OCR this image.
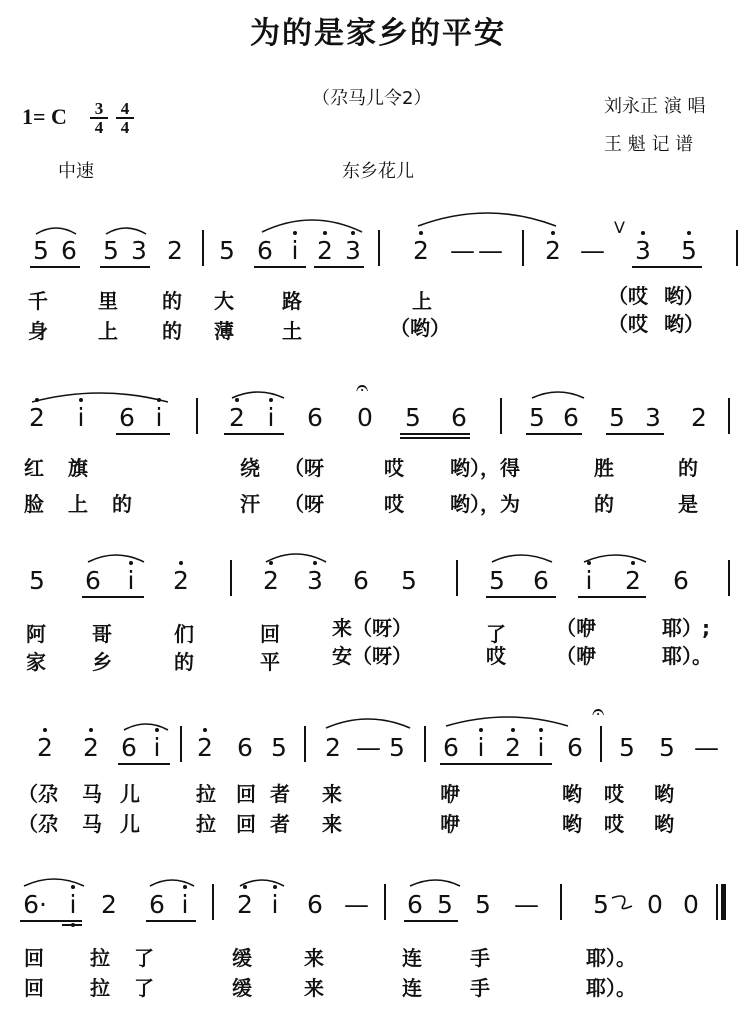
为的是家乡的平安
（尕马儿令2）	刘永正 演 唱
王 魁 记 谱
1= C $\frac{3}{4} \frac{4}{4}$
中速	东乡花儿
5 6 5 3 2 5 6 i 2 3 2 — — 2 — 3 5
V
千	里 的 大 路	上	（哎 哟）
身	上 的 薄 土	（哟）	（哎 哟）
2 i 6 i	2 i 6 0
𝄐
5 6 5 6 5 3 2
红 旗	绕 （呀	哎 哟），得	胜	的
脸 上 的	汗 （呀	哎 哟），为	的	是
5 6 i 2	2 3 6 5	5 6 i 2 6
阿 哥	们	回	来（呀）	了	（咿	耶）;
家 乡	的	平	安（呀）	哎	（咿	耶）。
2 2 6 i 2 6 5 2 — 5 6 i 2 i 6
𝄐
5 5 —
（尕 马 儿	拉 回 者 来	咿	哟 哎 哟
（尕 马 儿	拉 回 者 来	咿	哟 哎 哟
6· i 2 6 i 2 i 6 — 6 5 5 — 5 0 0
回 拉 了	缓	来	连 手	耶）。
回 拉 了	缓	来	连 手	耶）。
